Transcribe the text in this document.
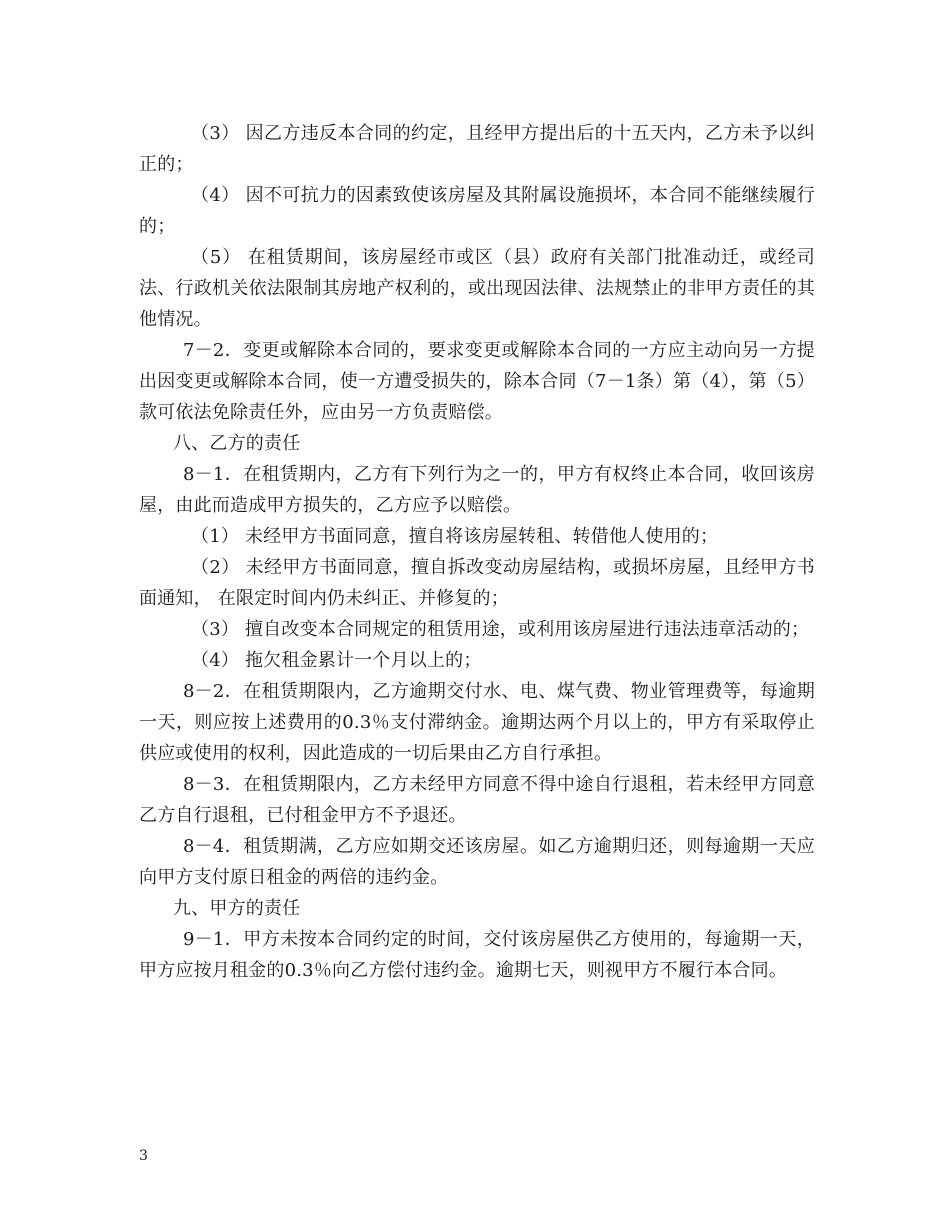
（3） 因乙方违反本合同的约定，且经甲方提出后的十五天内，乙方未予以纠正的；

（4） 因不可抗力的因素致使该房屋及其附属设施损坏，本合同不能继续履行的；

（5） 在租赁期间，该房屋经市或区（县）政府有关部门批准动迁，或经司法、行政机关依法限制其房地产权利的，或出现因法律、法规禁止的非甲方责任的其他情况。

7－2．变更或解除本合同的，要求变更或解除本合同的一方应主动向另一方提出因变更或解除本合同，使一方遭受损失的，除本合同（7－1条）第（4），第（5）款可依法免除责任外，应由另一方负责赔偿。

八、乙方的责任

8－1．在租赁期内，乙方有下列行为之一的，甲方有权终止本合同，收回该房屋，由此而造成甲方损失的，乙方应予以赔偿。

（1） 未经甲方书面同意，擅自将该房屋转租、转借他人使用的；

（2） 未经甲方书面同意，擅自拆改变动房屋结构，或损坏房屋，且经甲方书面通知， 在限定时间内仍未纠正、并修复的；

（3） 擅自改变本合同规定的租赁用途，或利用该房屋进行违法违章活动的；

（4） 拖欠租金累计一个月以上的；

8－2．在租赁期限内，乙方逾期交付水、电、煤气费、物业管理费等，每逾期一天，则应按上述费用的0.3％支付滞纳金。逾期达两个月以上的，甲方有采取停止供应或使用的权利，因此造成的一切后果由乙方自行承担。

8－3．在租赁期限内，乙方未经甲方同意不得中途自行退租，若未经甲方同意乙方自行退租，已付租金甲方不予退还。

8－4．租赁期满，乙方应如期交还该房屋。如乙方逾期归还，则每逾期一天应向甲方支付原日租金的两倍的违约金。

九、甲方的责任

9－1．甲方未按本合同约定的时间，交付该房屋供乙方使用的，每逾期一天，甲方应按月租金的0.3％向乙方偿付违约金。逾期七天，则视甲方不履行本合同。

3
